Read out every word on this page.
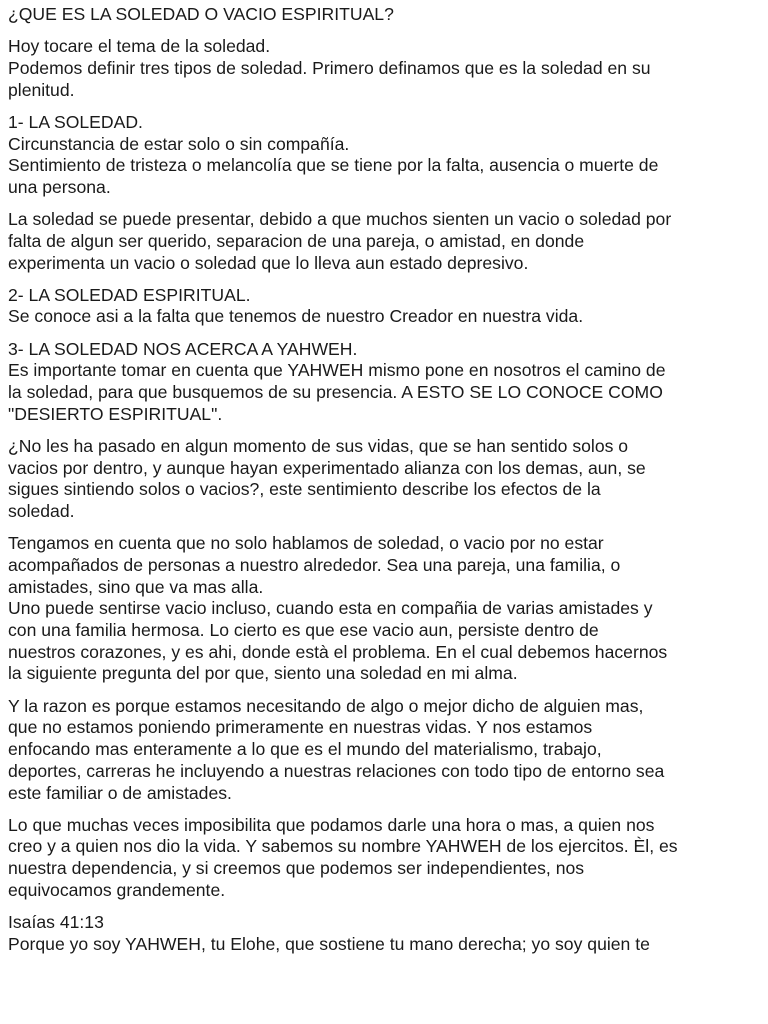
¿QUE ES LA SOLEDAD O VACIO ESPIRITUAL?

Hoy tocare el tema de la soledad.
Podemos definir tres tipos de soledad. Primero definamos que es la soledad en su
plenitud.

1- LA SOLEDAD.
Circunstancia de estar solo o sin compañía.
Sentimiento de tristeza o melancolía que se tiene por la falta, ausencia o muerte de
una persona.

La soledad se puede presentar, debido a que muchos sienten un vacio o soledad por
falta de algun ser querido, separacion de una pareja, o amistad, en donde
experimenta un vacio o soledad que lo lleva aun estado depresivo.

2- LA SOLEDAD ESPIRITUAL.
Se conoce asi a la falta que tenemos de nuestro Creador en nuestra vida.

3- LA SOLEDAD NOS ACERCA A YAHWEH.
Es importante tomar en cuenta que YAHWEH mismo pone en nosotros el camino de
la soledad, para que busquemos de su presencia. A ESTO SE LO CONOCE COMO
"DESIERTO ESPIRITUAL".

¿No les ha pasado en algun momento de sus vidas, que se han sentido solos o
vacios por dentro, y aunque hayan experimentado alianza con los demas, aun, se
sigues sintiendo solos o vacios?, este sentimiento describe los efectos de la
soledad.

Tengamos en cuenta que no solo hablamos de soledad, o vacio por no estar
acompañados de personas a nuestro alrededor. Sea una pareja, una familia, o
amistades, sino que va mas alla.
Uno puede sentirse vacio incluso, cuando esta en compañia de varias amistades y
con una familia hermosa. Lo cierto es que ese vacio aun, persiste dentro de
nuestros corazones, y es ahi, donde està el problema. En el cual debemos hacernos
la siguiente pregunta del por que, siento una soledad en mi alma.

Y la razon es porque estamos necesitando de algo o mejor dicho de alguien mas,
que no estamos poniendo primeramente en nuestras vidas. Y nos estamos
enfocando mas enteramente a lo que es el mundo del materialismo, trabajo,
deportes, carreras he incluyendo a nuestras relaciones con todo tipo de entorno sea
este familiar o de amistades.

Lo que muchas veces imposibilita que podamos darle una hora o mas, a quien nos
creo y a quien nos dio la vida. Y sabemos su nombre YAHWEH de los ejercitos. Èl, es
nuestra dependencia, y si creemos que podemos ser independientes, nos
equivocamos grandemente.

Isaías 41:13
Porque yo soy YAHWEH, tu Elohe, que sostiene tu mano derecha; yo soy quien te
